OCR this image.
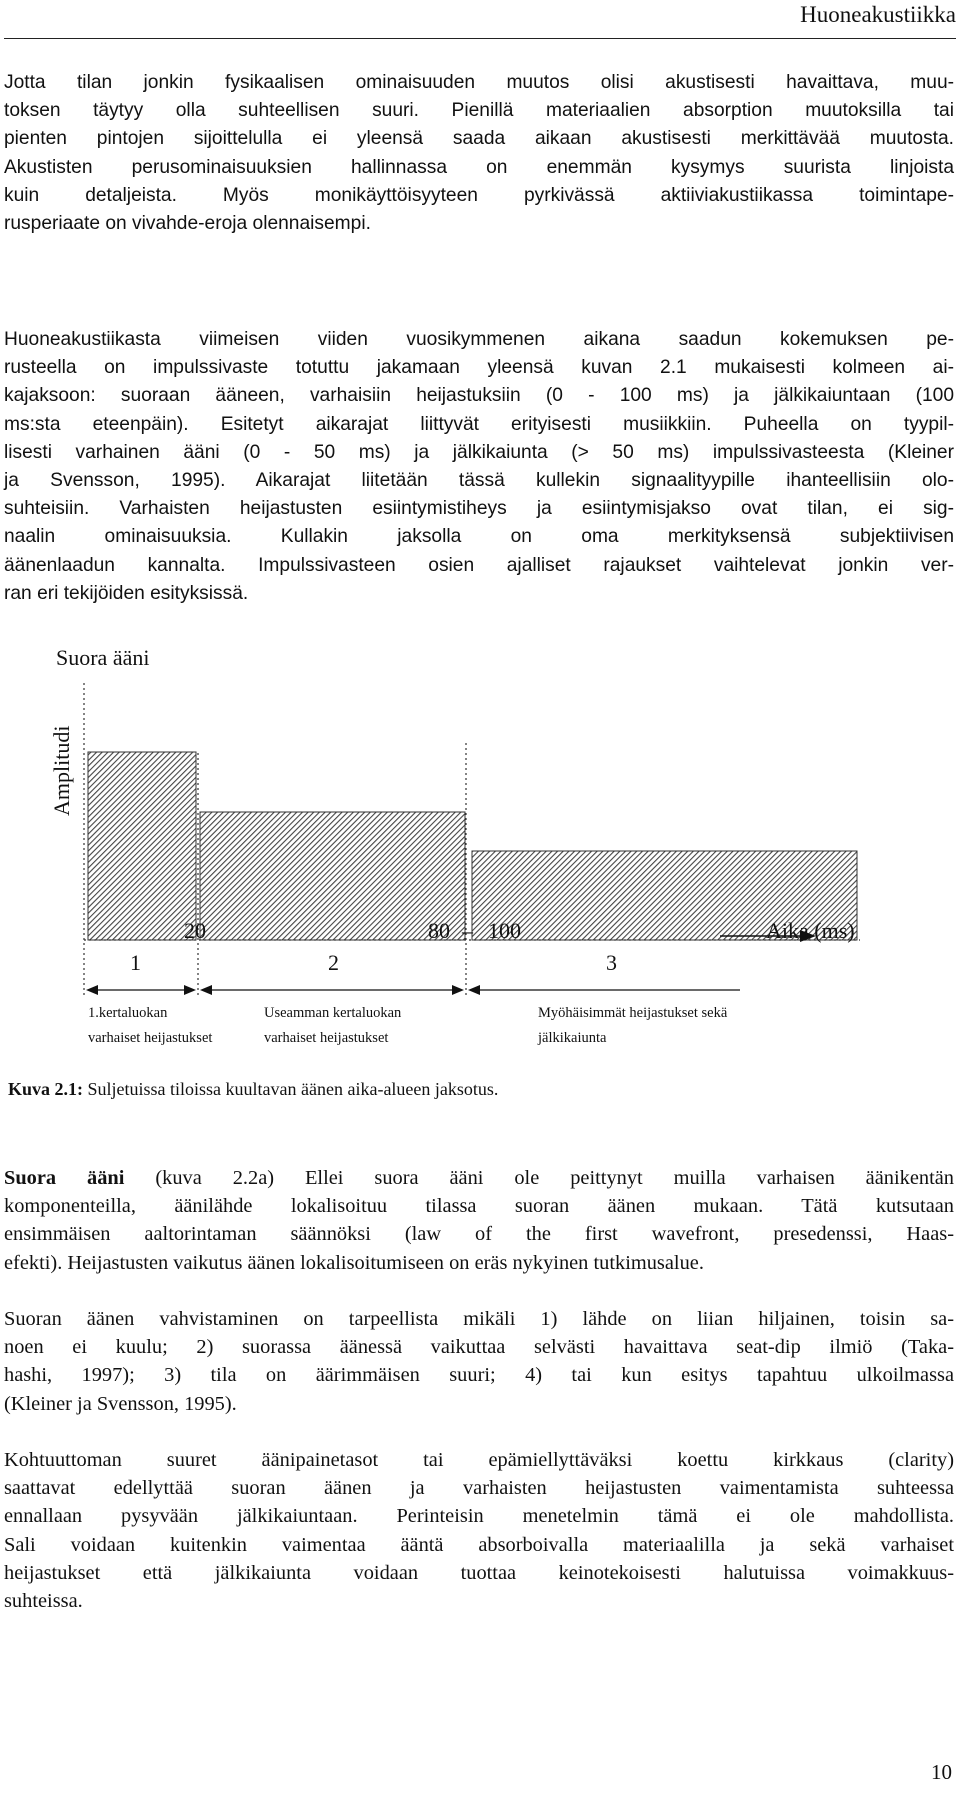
Huoneakustiikka

Jotta tilan jonkin fysikaalisen ominaisuuden muutos olisi akustisesti havaittava, muu-
toksen täytyy olla suhteellisen suuri. Pienillä materiaalien absorption muutoksilla tai
pienten pintojen sijoittelulla ei yleensä saada aikaan akustisesti merkittävää muutosta.
Akustisten perusominaisuuksien hallinnassa on enemmän kysymys suurista linjoista
kuin detaljeista. Myös monikäyttöisyyteen pyrkivässä aktiiviakustiikassa toimintape-
rusperiaate on vivahde-eroja olennaisempi.

Huoneakustiikasta viimeisen viiden vuosikymmenen aikana saadun kokemuksen pe-
rusteella on impulssivaste totuttu jakamaan yleensä kuvan 2.1 mukaisesti kolmeen ai-
kajaksoon: suoraan ääneen, varhaisiin heijastuksiin (0 - 100 ms) ja jälkikaiuntaan (100
ms:sta eteenpäin). Esitetyt aikarajat liittyvät erityisesti musiikkiin. Puheella on tyypil-
lisesti varhainen ääni (0 - 50 ms) ja jälkikaiunta (> 50 ms) impulssivasteesta (Kleiner
ja Svensson, 1995). Aikarajat liitetään tässä kullekin signaalityypille ihanteellisiin olo-
suhteisiin. Varhaisten heijastusten esiintymistiheys ja esiintymisjakso ovat tilan, ei sig-
naalin ominaisuuksia. Kullakin jaksolla on oma merkityksensä subjektiivisen
äänenlaadun kannalta. Impulssivasteen osien ajalliset rajaukset vaihtelevat jonkin ver-
ran eri tekijöiden esityksissä.

Suora ääni
Amplitudi
Aika (ms)
20	80 – 100
1	2	3
1.kertaluokan
varhaiset heijastukset
Useamman kertaluokan
varhaiset heijastukset
Myöhäisimmät heijastukset sekä
jälkikaiunta
Kuva 2.1: Suljetuissa tiloissa kuultavan äänen aika-alueen jaksotus.

Suora ääni (kuva 2.2a) Ellei suora ääni ole peittynyt muilla varhaisen äänikentän
komponenteilla, äänilähde lokalisoituu tilassa suoran äänen mukaan. Tätä kutsutaan
ensimmäisen aaltorintaman säännöksi (law of the first wavefront, presedenssi, Haas-
efekti). Heijastusten vaikutus äänen lokalisoitumiseen on eräs nykyinen tutkimusalue.

Suoran äänen vahvistaminen on tarpeellista mikäli 1) lähde on liian hiljainen, toisin sa-
noen ei kuulu; 2) suorassa äänessä vaikuttaa selvästi havaittava seat-dip ilmiö (Taka-
hashi, 1997); 3) tila on äärimmäisen suuri; 4) tai kun esitys tapahtuu ulkoilmassa
(Kleiner ja Svensson, 1995).

Kohtuuttoman suuret äänipainetasot tai epämiellyttäväksi koettu kirkkaus (clarity)
saattavat edellyttää suoran äänen ja varhaisten heijastusten vaimentamista suhteessa
ennallaan pysyvään jälkikaiuntaan. Perinteisin menetelmin tämä ei ole mahdollista.
Sali voidaan kuitenkin vaimentaa ääntä absorboivalla materiaalilla ja sekä varhaiset
heijastukset että jälkikaiunta voidaan tuottaa keinotekoisesti halutuissa voimakkuus-
suhteissa.

10
